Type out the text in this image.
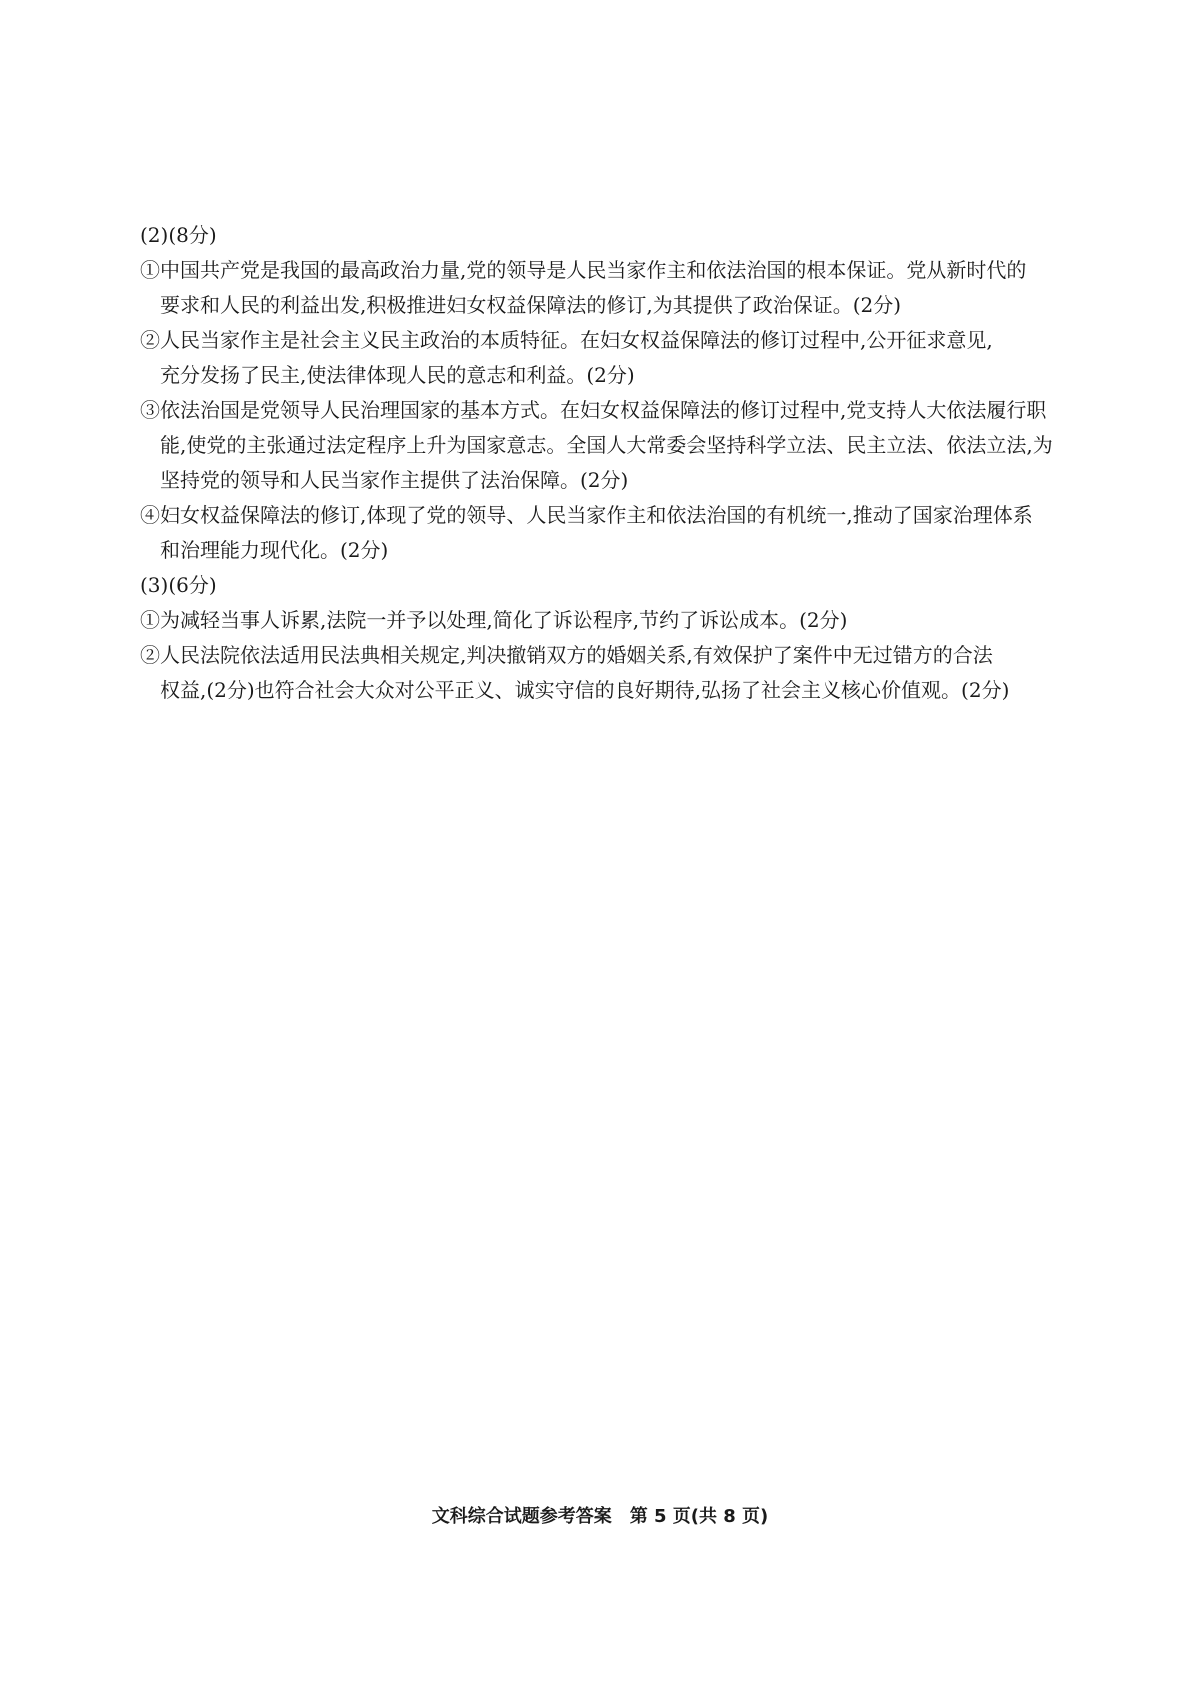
(2)(8分)
①中国共产党是我国的最高政治力量,党的领导是人民当家作主和依法治国的根本保证。党从新时代的
要求和人民的利益出发,积极推进妇女权益保障法的修订,为其提供了政治保证。(2分)
②人民当家作主是社会主义民主政治的本质特征。在妇女权益保障法的修订过程中,公开征求意见,
充分发扬了民主,使法律体现人民的意志和利益。(2分)
③依法治国是党领导人民治理国家的基本方式。在妇女权益保障法的修订过程中,党支持人大依法履行职
能,使党的主张通过法定程序上升为国家意志。全国人大常委会坚持科学立法、民主立法、依法立法,为
坚持党的领导和人民当家作主提供了法治保障。(2分)
④妇女权益保障法的修订,体现了党的领导、人民当家作主和依法治国的有机统一,推动了国家治理体系
和治理能力现代化。(2分)
(3)(6分)
①为减轻当事人诉累,法院一并予以处理,简化了诉讼程序,节约了诉讼成本。(2分)
②人民法院依法适用民法典相关规定,判决撤销双方的婚姻关系,有效保护了案件中无过错方的合法
权益,(2分)也符合社会大众对公平正义、诚实守信的良好期待,弘扬了社会主义核心价值观。(2分)
文科综合试题参考答案　第 5 页(共 8 页)
